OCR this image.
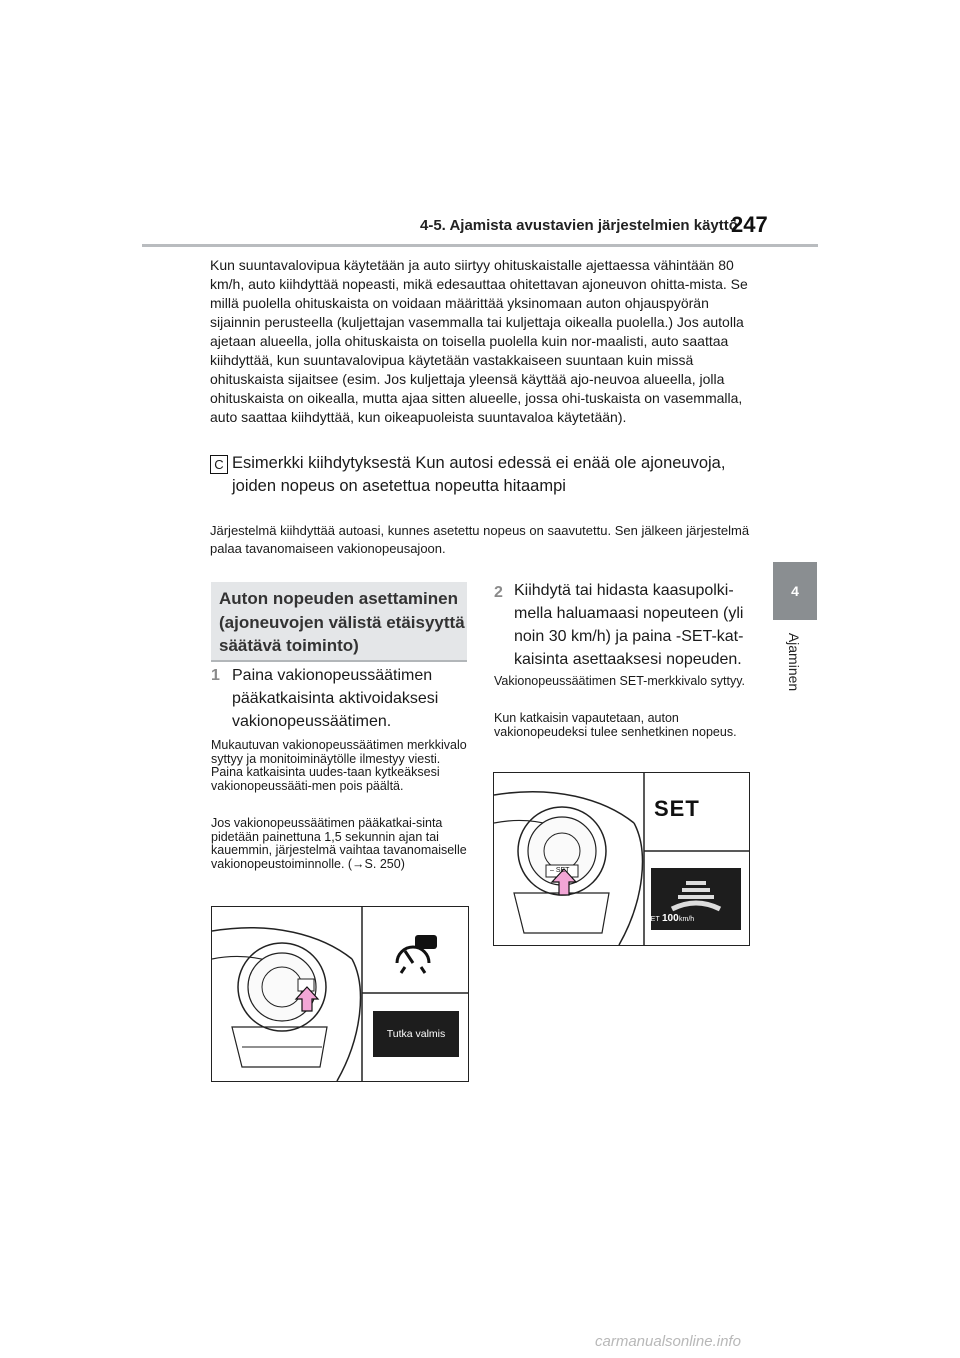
4-5. Ajamista avustavien järjestelmien käyttö
247
4
Ajaminen

Kun suuntavalovipua käytetään ja auto siirtyy ohituskaistalle ajettaessa vähintään 80 km/h, auto kiihdyttää nopeasti, mikä edesauttaa ohitettavan ajoneuvon ohitta-mista. Se millä puolella ohituskaista on voidaan määrittää yksinomaan auton ohjauspyörän sijainnin perusteella (kuljettajan vasemmalla tai kuljettaja oikealla puolella.) Jos autolla ajetaan alueella, jolla ohituskaista on toisella puolella kuin nor-maalisti, auto saattaa kiihdyttää, kun suuntavalovipua käytetään vastakkaiseen suuntaan kuin missä ohituskaista sijaitsee (esim. Jos kuljettaja yleensä käyttää ajo-neuvoa alueella, jolla ohituskaista on oikealla, mutta ajaa sitten alueelle, jossa ohi-tuskaista on vasemmalla, auto saattaa kiihdyttää, kun oikeapuoleista suuntavaloa käytetään).

C Esimerkki kiihdytyksestä Kun autosi edessä ei enää ole ajoneuvoja, joiden nopeus on asetettua nopeutta hitaampi

Järjestelmä kiihdyttää autoasi, kunnes asetettu nopeus on saavutettu. Sen jälkeen järjestelmä palaa tavanomaiseen vakionopeusajoon.

Auton nopeuden asettaminen (ajoneuvojen välistä etäisyyttä säätävä toiminto)

1 Paina vakionopeussäätimen pääkatkaisinta aktivoidaksesi vakionopeussäätimen.

Mukautuvan vakionopeussäätimen merkkivalo syttyy ja monitoiminäytölle ilmestyy viesti. Paina katkaisinta uudes-taan kytkeäksesi vakionopeussääti-men pois päältä.

Jos vakionopeussäätimen pääkatkai-sinta pidetään painettuna 1,5 sekunnin ajan tai kauemmin, järjestelmä vaihtaa tavanomaiselle vakionopeustoiminnolle. (→S. 250)

Tutka valmis
2 Kiihdytä tai hidasta kaasupolki-mella haluamaasi nopeuteen (yli noin 30 km/h) ja paina -SET-kat-kaisinta asettaaksesi nopeuden.

Vakionopeussäätimen SET-merkkivalo syttyy.

Kun katkaisin vapautetaan, auton vakionopeudeksi tulee senhetkinen nopeus.

SET
– SET
SET 100 km/h
carmanualsonline.info
